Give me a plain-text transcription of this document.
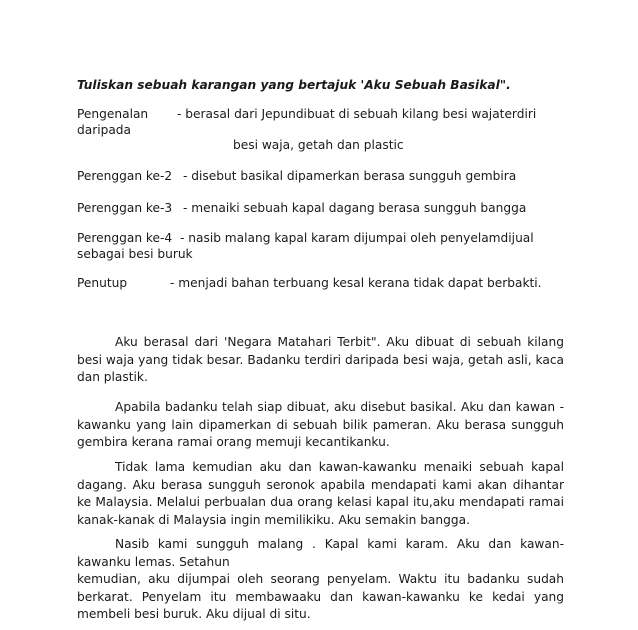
Tuliskan sebuah karangan yang bertajuk 'Aku Sebuah Basikal".
Pengenalan - berasal dari Jepundibuat di sebuah kilang besi wajaterdiri
daripada
besi waja, getah dan plastic
Perenggan ke-2 - disebut basikal dipamerkan berasa sungguh gembira
Perenggan ke-3 - menaiki sebuah kapal dagang berasa sungguh bangga
Perenggan ke-4 - nasib malang kapal karam dijumpai oleh penyelamdijual
sebagai besi buruk
Penutup	- menjadi bahan terbuang kesal kerana tidak dapat berbakti.
Aku berasal dari 'Negara Matahari Terbit". Aku dibuat di sebuah kilang
besi waja yang tidak besar. Badanku terdiri daripada besi waja, getah asli, kaca
dan plastik.
Apabila badanku telah siap dibuat, aku disebut basikal. Aku dan kawan -
kawanku yang lain dipamerkan di sebuah bilik pameran. Aku berasa sungguh
gembira kerana ramai orang memuji kecantikanku.
Tidak lama kemudian aku dan kawan-kawanku menaiki sebuah kapal
dagang. Aku berasa sungguh seronok apabila mendapati kami akan dihantar
ke Malaysia. Melalui perbualan dua orang kelasi kapal itu,aku mendapati ramai
kanak-kanak di Malaysia ingin memilikiku. Aku semakin bangga.
Nasib kami sungguh malang . Kapal kami karam. Aku dan kawan-
kawanku lemas. Setahun
kemudian, aku dijumpai oleh seorang penyelam. Waktu itu badanku sudah
berkarat. Penyelam itu membawaaku dan kawan-kawanku ke kedai yang
membeli besi buruk. Aku dijual di situ.
